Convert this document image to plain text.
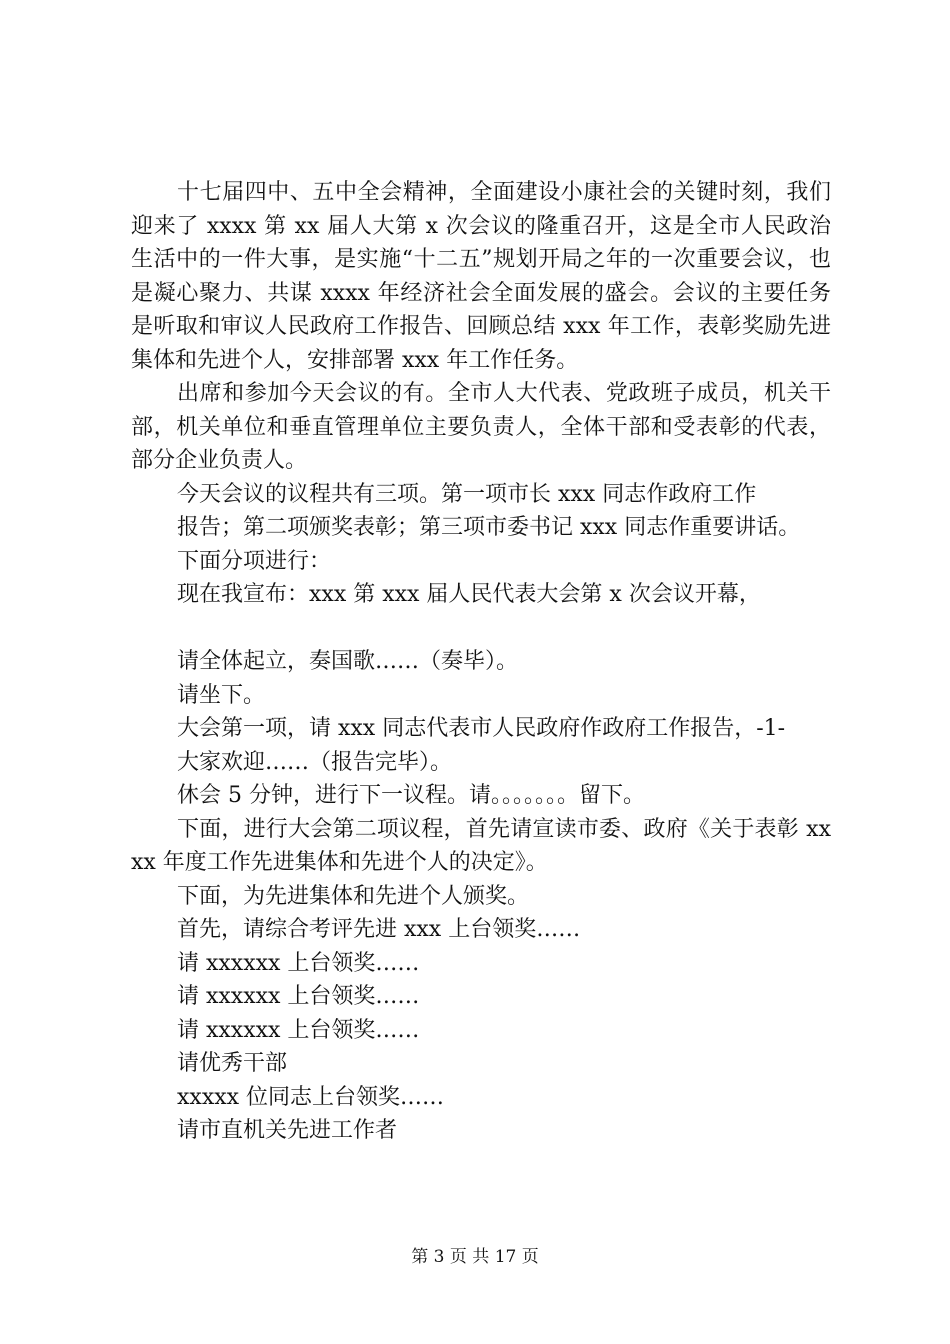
十七届四中、五中全会精神，全面建设小康社会的关键时刻，我们迎来了 xxxx 第 xx 届人大第 x 次会议的隆重召开，这是全市人民政治生活中的一件大事，是实施“十二五”规划开局之年的一次重要会议，也是凝心聚力、共谋 xxxx 年经济社会全面发展的盛会。会议的主要任务是听取和审议人民政府工作报告、回顾总结 xxx 年工作，表彰奖励先进集体和先进个人，安排部署 xxx 年工作任务。

出席和参加今天会议的有。全市人大代表、党政班子成员，机关干部，机关单位和垂直管理单位主要负责人，全体干部和受表彰的代表，部分企业负责人。

今天会议的议程共有三项。第一项市长 xxx 同志作政府工作

报告；第二项颁奖表彰；第三项市委书记 xxx 同志作重要讲话。

下面分项进行：

现在我宣布：xxx 第 xxx 届人民代表大会第 x 次会议开幕，

请全体起立，奏国歌……（奏毕）。

请坐下。

大会第一项，请 xxx 同志代表市人民政府作政府工作报告，-1-

大家欢迎……（报告完毕）。

休会 5 分钟，进行下一议程。请。。。。。。。留下。

下面，进行大会第二项议程，首先请宣读市委、政府《关于表彰 xxxx 年度工作先进集体和先进个人的决定》。

下面，为先进集体和先进个人颁奖。

首先，请综合考评先进 xxx 上台领奖……

请 xxxxxx 上台领奖……

请 xxxxxx 上台领奖……

请 xxxxxx 上台领奖……

请优秀干部

xxxxx 位同志上台领奖……

请市直机关先进工作者

第 3 页 共 17 页
